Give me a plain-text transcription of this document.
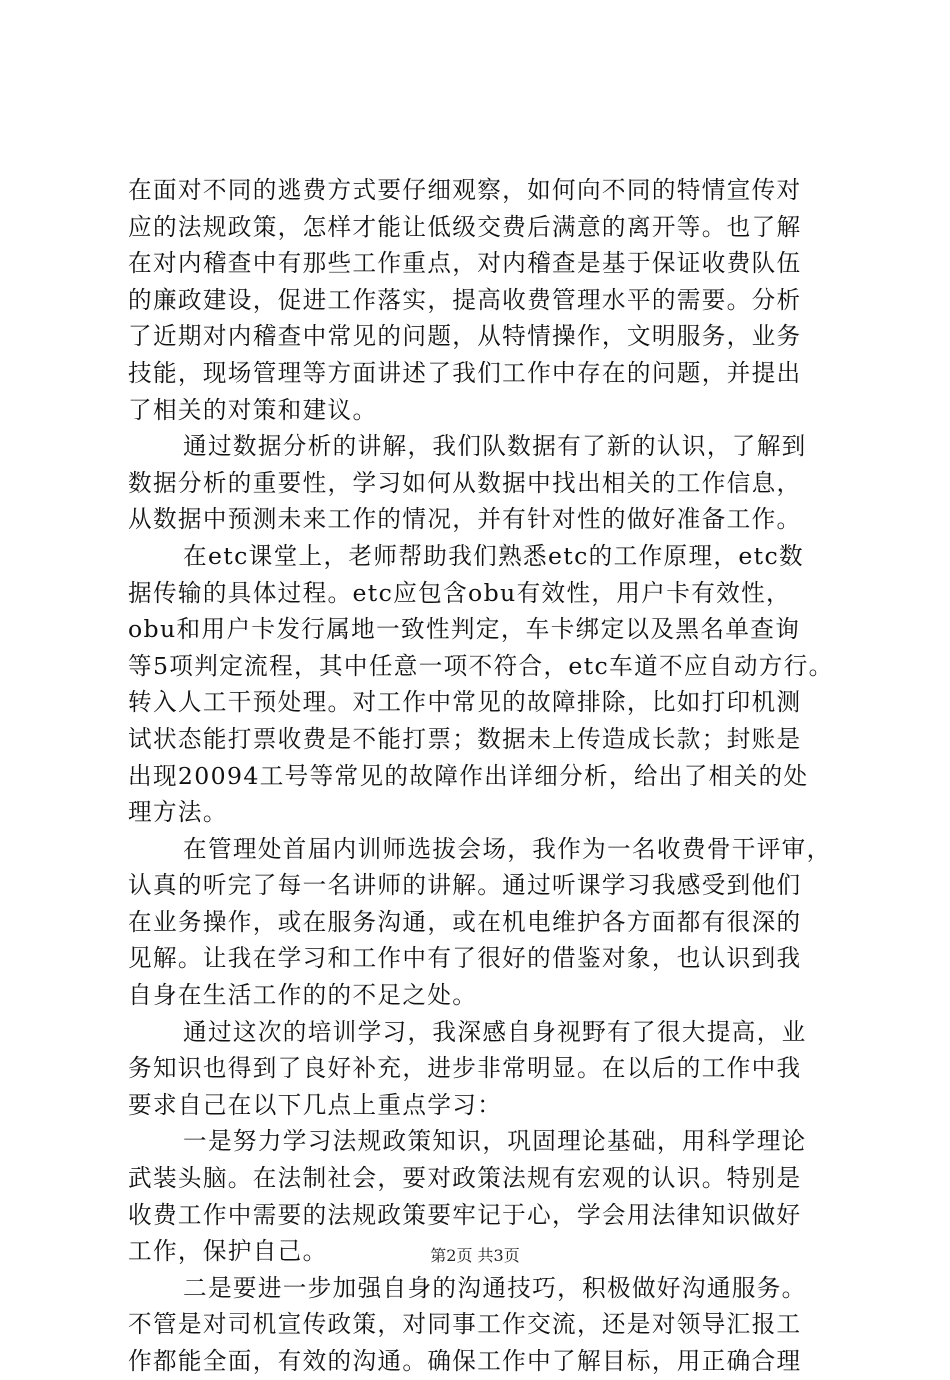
在面对不同的逃费方式要仔细观察，如何向不同的特情宣传对
应的法规政策，怎样才能让低级交费后满意的离开等。也了解
在对内稽查中有那些工作重点，对内稽查是基于保证收费队伍
的廉政建设，促进工作落实，提高收费管理水平的需要。分析
了近期对内稽查中常见的问题，从特情操作，文明服务，业务
技能，现场管理等方面讲述了我们工作中存在的问题，并提出
了相关的对策和建议。
通过数据分析的讲解，我们队数据有了新的认识，了解到
数据分析的重要性，学习如何从数据中找出相关的工作信息，
从数据中预测未来工作的情况，并有针对性的做好准备工作。
在etc课堂上，老师帮助我们熟悉etc的工作原理，etc数
据传输的具体过程。etc应包含obu有效性，用户卡有效性，
obu和用户卡发行属地一致性判定，车卡绑定以及黑名单查询
等5项判定流程，其中任意一项不符合，etc车道不应自动方行。
转入人工干预处理。对工作中常见的故障排除，比如打印机测
试状态能打票收费是不能打票；数据未上传造成长款；封账是
出现20094工号等常见的故障作出详细分析，给出了相关的处
理方法。
在管理处首届内训师选拔会场，我作为一名收费骨干评审，
认真的听完了每一名讲师的讲解。通过听课学习我感受到他们
在业务操作，或在服务沟通，或在机电维护各方面都有很深的
见解。让我在学习和工作中有了很好的借鉴对象，也认识到我
自身在生活工作的的不足之处。
通过这次的培训学习，我深感自身视野有了很大提高，业
务知识也得到了良好补充，进步非常明显。在以后的工作中我
要求自己在以下几点上重点学习：
一是努力学习法规政策知识，巩固理论基础，用科学理论
武装头脑。在法制社会，要对政策法规有宏观的认识。特别是
收费工作中需要的法规政策要牢记于心，学会用法律知识做好
工作，保护自己。
二是要进一步加强自身的沟通技巧，积极做好沟通服务。
不管是对司机宣传政策，对同事工作交流，还是对领导汇报工
作都能全面，有效的沟通。确保工作中了解目标，用正确合理
第2页 共3页
